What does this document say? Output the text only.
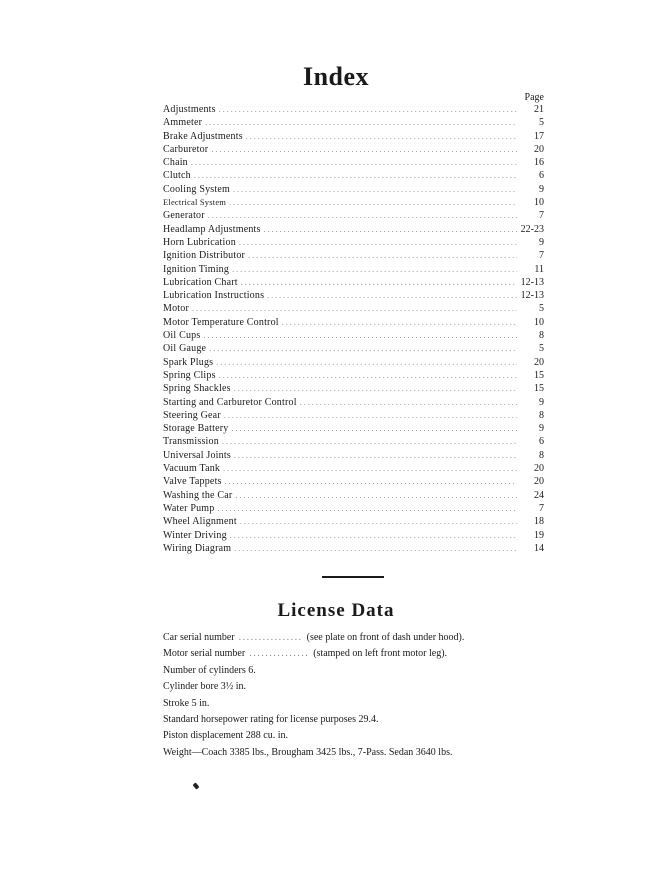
Index
Page
Adjustments . . .	21
Ammeter . . .	5
Brake Adjustments . . .	17
Carburetor . . .	20
Chain . . .	16
Clutch . . .	6
Cooling System . . .	9
Electrical System . . .	10
Generator . . .	7
Headlamp Adjustments . . .	22-23
Horn Lubrication . . .	9
Ignition Distributor . . .	7
Ignition Timing . . .	11
Lubrication Chart . . .	12-13
Lubrication Instructions . . .	12-13
Motor . . .	5
Motor Temperature Control . . .	10
Oil Cups . . .	8
Oil Gauge . . .	5
Spark Plugs . . .	20
Spring Clips . . .	15
Spring Shackles . . .	15
Starting and Carburetor Control . . .	9
Steering Gear . . .	8
Storage Battery . . .	9
Transmission . . .	6
Universal Joints . . .	8
Vacuum Tank . . .	20
Valve Tappets . . .	20
Washing the Car . . .	24
Water Pump . . .	7
Wheel Alignment . . .	18
Winter Driving . . .	19
Wiring Diagram . . .	14
License Data
Car serial number ................ (see plate on front of dash under hood).
Motor serial number ............... (stamped on left front motor leg).
Number of cylinders 6.
Cylinder bore 3½ in.
Stroke 5 in.
Standard horsepower rating for license purposes 29.4.
Piston displacement 288 cu. in.
Weight—Coach 3385 lbs., Brougham 3425 lbs., 7-Pass. Sedan 3640 lbs.
